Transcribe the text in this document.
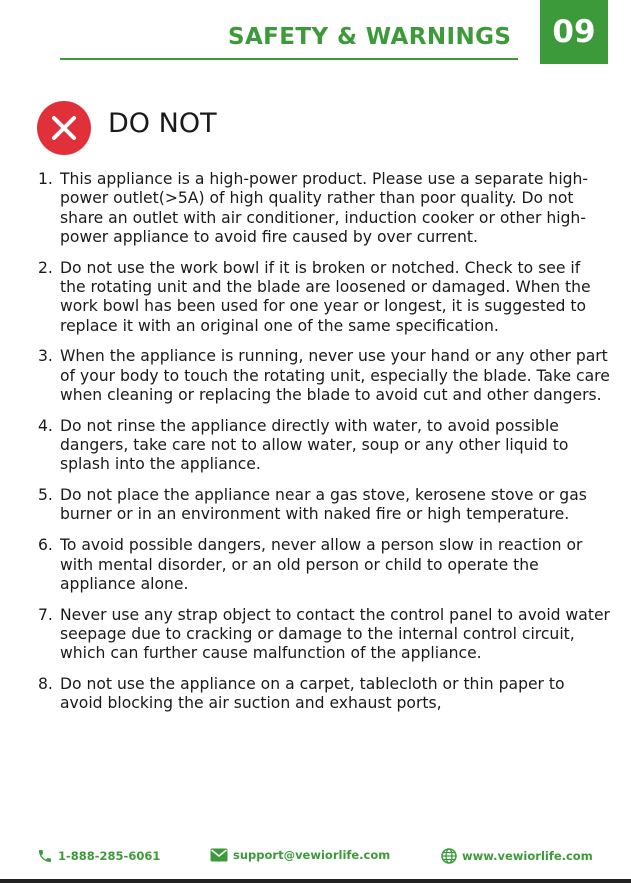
SAFETY & WARNINGS	09
DO NOT
1. This appliance is a high-power product. Please use a separate high-power outlet(>5A) of high quality rather than poor quality. Do not share an outlet with air conditioner, induction cooker or other high-power appliance to avoid fire caused by over current.
2. Do not use the work bowl if it is broken or notched. Check to see if the rotating unit and the blade are loosened or damaged. When the work bowl has been used for one year or longest, it is suggested to replace it with an original one of the same specification.
3. When the appliance is running, never use your hand or any other part of your body to touch the rotating unit, especially the blade. Take care when cleaning or replacing the blade to avoid cut and other dangers.
4. Do not rinse the appliance directly with water, to avoid possible dangers, take care not to allow water, soup or any other liquid to splash into the appliance.
5. Do not place the appliance near a gas stove, kerosene stove or gas burner or in an environment with naked fire or high temperature.
6. To avoid possible dangers, never allow a person slow in reaction or with mental disorder, or an old person or child to operate the appliance alone.
7. Never use any strap object to contact the control panel to avoid water seepage due to cracking or damage to the internal control circuit, which can further cause malfunction of the appliance.
8. Do not use the appliance on a carpet, tablecloth or thin paper to avoid blocking the air suction and exhaust ports,
1-888-285-6061	support@vewiorlife.com	www.vewiorlife.com
